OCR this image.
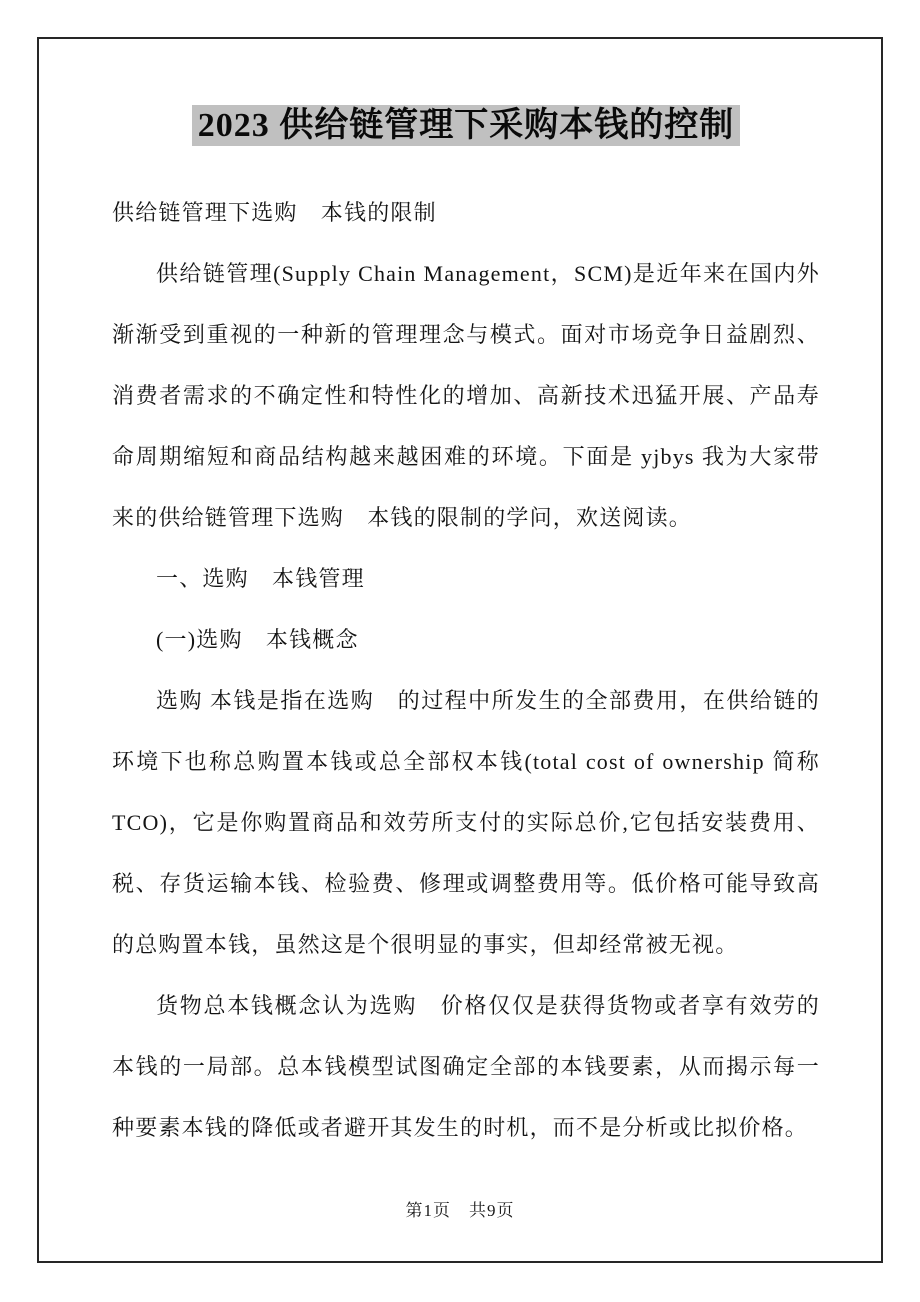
2023 供给链管理下采购本钱的控制

供给链管理下选购　本钱的限制

供给链管理(Supply Chain Management，SCM)是近年来在国内外渐渐受到重视的一种新的管理理念与模式。面对市场竞争日益剧烈、消费者需求的不确定性和特性化的增加、高新技术迅猛开展、产品寿命周期缩短和商品结构越来越困难的环境。下面是 yjbys 我为大家带来的供给链管理下选购　本钱的限制的学问，欢送阅读。

一、选购　本钱管理

(一)选购　本钱概念

选购 本钱是指在选购　的过程中所发生的全部费用，在供给链的环境下也称总购置本钱或总全部权本钱(total cost of ownership 简称 TCO)，它是你购置商品和效劳所支付的实际总价,它包括安装费用、税、存货运输本钱、检验费、修理或调整费用等。低价格可能导致高的总购置本钱，虽然这是个很明显的事实，但却经常被无视。

货物总本钱概念认为选购　价格仅仅是获得货物或者享有效劳的本钱的一局部。总本钱模型试图确定全部的本钱要素，从而揭示每一种要素本钱的降低或者避开其发生的时机，而不是分析或比拟价格。

第1页　共9页
